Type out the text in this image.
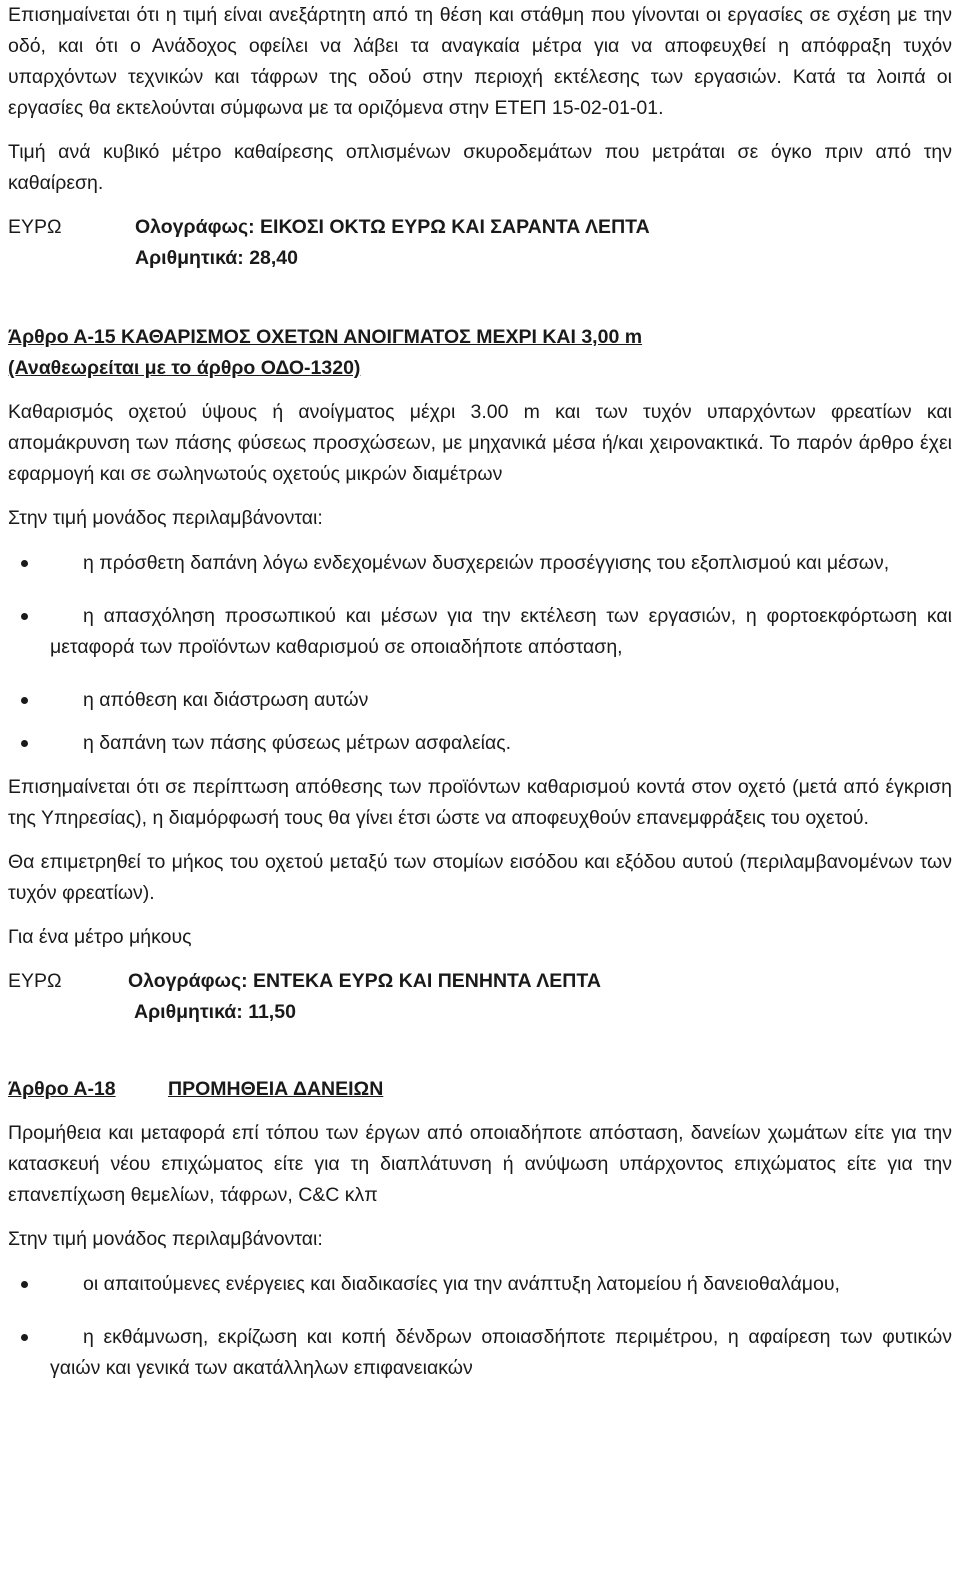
Επισημαίνεται ότι η τιμή είναι ανεξάρτητη από τη θέση και στάθμη που γίνονται οι εργασίες σε σχέση με την οδό, και ότι ο Ανάδοχος οφείλει να λάβει τα αναγκαία μέτρα για να αποφευχθεί η απόφραξη τυχόν υπαρχόντων τεχνικών και τάφρων της οδού στην περιοχή εκτέλεσης των εργασιών. Κατά τα λοιπά οι εργασίες θα εκτελούνται σύμφωνα με τα οριζόμενα στην ΕΤΕΠ 15-02-01-01.

Τιμή ανά κυβικό μέτρο καθαίρεσης οπλισμένων σκυροδεμάτων που μετράται σε όγκο πριν από την καθαίρεση.

ΕΥΡΩ	Ολογράφως: ΕΙΚΟΣΙ ΟΚΤΩ ΕΥΡΩ ΚΑΙ ΣΑΡΑΝΤΑ ΛΕΠΤΑ
Αριθμητικά: 28,40
Άρθρο Α-15 ΚΑΘΑΡΙΣΜΟΣ ΟΧΕΤΩΝ ΑΝΟΙΓΜΑΤΟΣ ΜΕΧΡΙ ΚΑΙ 3,00 m
(Αναθεωρείται με το άρθρο ΟΔΟ-1320)

Καθαρισμός οχετού ύψους ή ανοίγματος μέχρι 3.00 m και των τυχόν υπαρχόντων φρεατίων και απομάκρυνση των πάσης φύσεως προσχώσεων, με μηχανικά μέσα ή/και χειρονακτικά. Το παρόν άρθρο έχει εφαρμογή και σε σωληνωτούς οχετούς μικρών διαμέτρων

Στην τιμή μονάδος περιλαμβάνονται:

η πρόσθετη δαπάνη λόγω ενδεχομένων δυσχερειών προσέγγισης του εξοπλισμού και μέσων,
η απασχόληση προσωπικού και μέσων για την εκτέλεση των εργασιών, η φορτοεκφόρτωση και μεταφορά των προϊόντων καθαρισμού σε οποιαδήποτε απόσταση,
η απόθεση και διάστρωση αυτών
η δαπάνη των πάσης φύσεως μέτρων ασφαλείας.

Επισημαίνεται ότι σε περίπτωση απόθεσης των προϊόντων καθαρισμού κοντά στον οχετό (μετά από έγκριση της Υπηρεσίας), η διαμόρφωσή τους θα γίνει έτσι ώστε να αποφευχθούν επανεμφράξεις του οχετού.

Θα επιμετρηθεί το μήκος του οχετού μεταξύ των στομίων εισόδου και εξόδου αυτού (περιλαμβανομένων των τυχόν φρεατίων).

Για ένα μέτρο μήκους

ΕΥΡΩ	Ολογράφως: ΕΝΤΕΚΑ ΕΥΡΩ ΚΑΙ ΠΕΝΗΝΤΑ ΛΕΠΤΑ
Αριθμητικά: 11,50
Άρθρο Α-18	ΠΡΟΜΗΘΕΙΑ ΔΑΝΕΙΩΝ

Προμήθεια και μεταφορά επί τόπου των έργων από οποιαδήποτε απόσταση, δανείων χωμάτων είτε για την κατασκευή νέου επιχώματος είτε για τη διαπλάτυνση ή ανύψωση υπάρχοντος επιχώματος είτε για την επανεπίχωση θεμελίων, τάφρων, C&C κλπ

Στην τιμή μονάδος περιλαμβάνονται:

οι απαιτούμενες ενέργειες και διαδικασίες για την ανάπτυξη λατομείου ή δανειοθαλάμου,
η εκθάμνωση, εκρίζωση και κοπή δένδρων οποιασδήποτε περιμέτρου, η αφαίρεση των φυτικών γαιών και γενικά των ακατάλληλων επιφανειακών
